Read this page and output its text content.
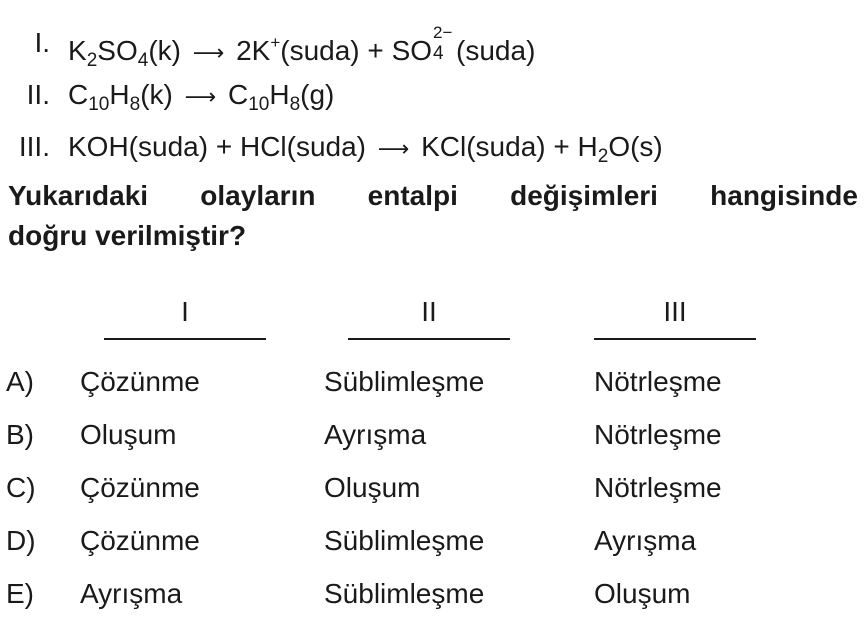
I. $K_2SO_4(k)$ ⟶ 2K+(suda) + SO
2−
4 (suda)
II. $C_{10}H_8(k)$ ⟶ $C_{10}H_8(g)$
III. KOH(suda) + HCl(suda) ⟶ KCl(suda) + $H_2O(s)$
Yukarıdaki olayların entalpi değişimleri hangisinde
doğru verilmiştir?
I	II	III
A) Çözünme	Süblimleşme	Nötrleşme
B) Oluşum	Ayrışma	Nötrleşme
C) Çözünme	Oluşum	Nötrleşme
D) Çözünme	Süblimleşme	Ayrışma
E) Ayrışma	Süblimleşme	Oluşum
